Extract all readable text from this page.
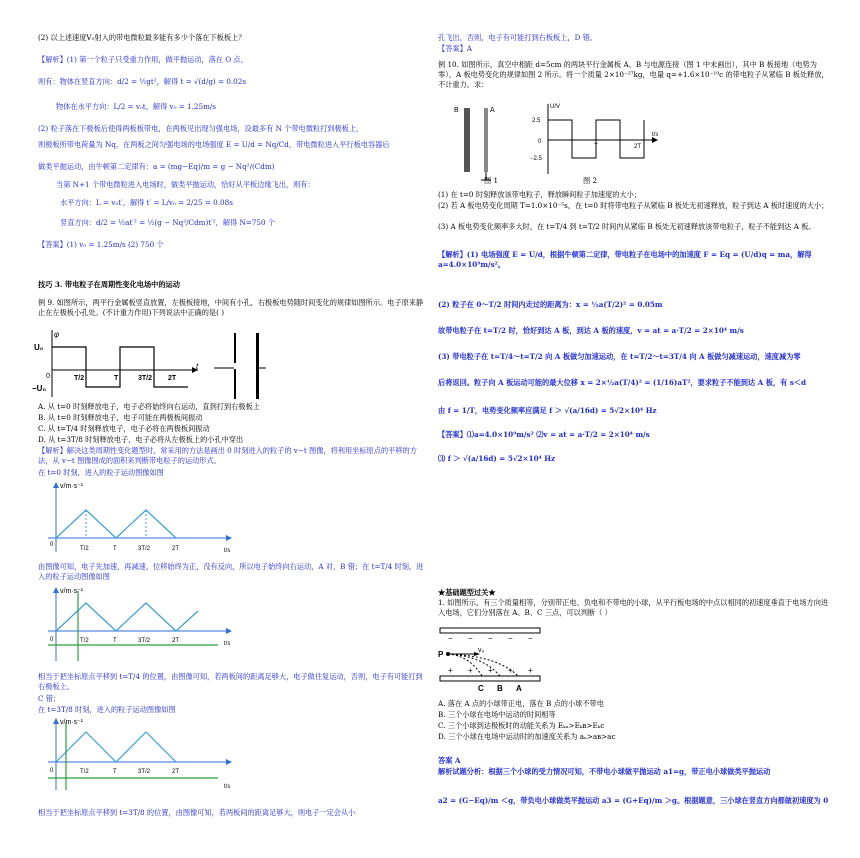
(2) 以上述速度V₀射入的带电微粒最多能有多少个落在下板板上？

【解析】(1) 第一个粒子只受重力作用，做平抛运动，落在 O 点，

则有：物体在竖直方向：d/2 = ½gt²，解得 t = √(d/g) = 0.02s

物体在水平方向：L/2 = v₀t，解得 v₀ = 1.25m/s

(2) 粒子落在下极板后使得两板板带电，在两板见出现匀强电场，设最多有 N 个带电微粒打到极板上，

则极板所带电荷量为 Nq，在两板之间匀强电场的电场强度 E = U/d = Nq/Cd，带电微粒进入平行板电容器后

做类平抛运动，由牛顿第二定律有：a = (mg−Eq)/m = g − Nq²/(Cdm)

当第 N+1 个带电微粒进入电场时，做类平抛运动，恰好从平板边缘飞出，则有：

水平方向：L = v₀t′，解得 t′ = L/v₀ = 2/25 = 0.08s

竖直方向：d/2 = ½at′² = ½(g − Nq²/Cdm)t′²，解得 N=750 个

【答案】(1) v₀ = 1.25m/s (2) 750 个

技巧 3. 带电粒子在周期性变化电场中的运动

例 9. 如图所示，两平行金属板竖直放置，左极板接地，中间有小孔，右极板电势随时间变化的规律如图所示。电子原来静止在左极板小孔处。(不计重力作用)下列说法中正确的是( )

φ
U₀
−U₀
0
t
T/2	T	3T/2 2T

A. 从 t=0 时刻释放电子，电子必将始终向右运动，直到打到右极板上

B. 从 t=0 时刻释放电子，电子可能在两极板间振动

C. 从 t=T/4 时刻释放电子，电子必将在两极板间振动

D. 从 t=3T/8 时刻释放电子，电子必将从左极板上的小孔中穿出

【解析】解决这类周期性变化题型时，常采用的方法是画出 0 时刻进入的粒子的 v−t 图像，将利用坐标原点的平移的方法，从 v−t 图像围成的面积来判断带电粒子的运动形式。

在 t=0 时刻，进入的粒子运动图像如图

v/m·s⁻¹
0
t/s
T/2	T	3T/2	2T

由图像可知，电子先加速，再减速，位移始终为正，没有反向，所以电子始终向右运动，A 对，B 错；在 t=T/4 时刻，进入的粒子运动图像如图

v/m·s⁻¹
0
t/s
T/2	T	3T/2	2T

相当于把坐标原点平移到 t=T/4 的位置，由图像可知，若两板间的距离足够大，电子做往复运动，否则，电子有可能打到右极板上。

C 错；

在 t=3T/8 时刻，进入的粒子运动图像如图

v/m·s⁻¹
0
t/s
T/2	T	3T/2	2T

相当于把坐标原点平移到 t=3T/8 的位置，由图像可知，若两板间的距离足够大，则电子一定会从小

孔飞出，否则，电子有可能打到右板板上，D 错。

【答案】A

例 10. 如图所示，真空中相距 d=5cm 的两块平行金属板 A、B 与电源连接（图 1 中未画出），其中 B 板接地（电势为零），A 板电势变化的规律如图 2 所示。将一个质量 2×10⁻²⁷kg，电量 q=+1.6×10⁻¹⁹c 的带电粒子从紧临 B 板处释放，不计重力。求：

B	A

图 1

U/V
2.5
0
−2.5
T	2T
t/s

图 2

(1) 在 t=0 时刻释放该带电粒子，释放瞬间粒子加速度的大小；

(2) 若 A 板电势变化周期 T=1.0×10⁻⁵s，在 t=0 时将带电粒子从紧临 B 板处无初速释放，粒子到达 A 板时速度的大小；

(3) A 板电势变化频率多大时，在 t=T/4 到 t=T/2 时间内从紧临 B 板处无初速释放该带电粒子，粒子不能到达 A 板。

【解析】(1) 电场强度 E = U/d，根据牛顿第二定律，带电粒子在电场中的加速度 F = Eq = (U/d)q = ma，解得 a=4.0×10⁹m/s²。

(2) 粒子在 0～T/2 时间内走过的距离为：x = ½a(T/2)² = 0.05m

故带电粒子在 t=T/2 时，恰好到达 A 板，到达 A 板的速度，v = at = a·T/2 = 2×10⁴ m/s

(3) 带电粒子在 t=T/4～t=T/2 向 A 板做匀加速运动，在 t=T/2～t=3T/4 向 A 板做匀减速运动，速度减为零

后将返回。粒子向 A 板运动可能的最大位移 x = 2×½a(T/4)² = (1/16)aT²，要求粒子不能到达 A 板，有 s＜d

由 f = 1/T，电势变化频率应满足 f ＞ √(a/16d) = 5√2×10⁴ Hz

【答案】⑴a=4.0×10⁹m/s² ⑵v = at = a·T/2 = 2×10⁴ m/s

⑶ f ＞ √(a/16d) = 5√2×10⁴ Hz

★基础题型过关★

1. 如图所示，有三个质量相等，分别带正电、负电和不带电的小球，从平行板电场的中点以相同的初速度垂直于电场方向进入电场，它们分别落在 A、B、C 三点，可以判断（ ）

− − − − −
P	v₀
+ + + + +
C B A

A. 落在 A 点的小球带正电，落在 B 点的小球不带电

B. 三个小球在电场中运动的时间相等

C. 三个小球到达极板时的动能关系为 Eₖₐ>Eₖв>Eₖc

D. 三个小球在电场中运动时的加速度关系为 aₐ>aв>ac

答案 A

解析试题分析：根据三个小球的受力情况可知，不带电小球做平抛运动 a1=g，带正电小球做类平抛运动

a2 = (G−Eq)/m ＜g，带负电小球做类平抛运动 a3 = (G+Eq)/m ＞g。根据题意，三小球在竖直方向都做初速度为 0
